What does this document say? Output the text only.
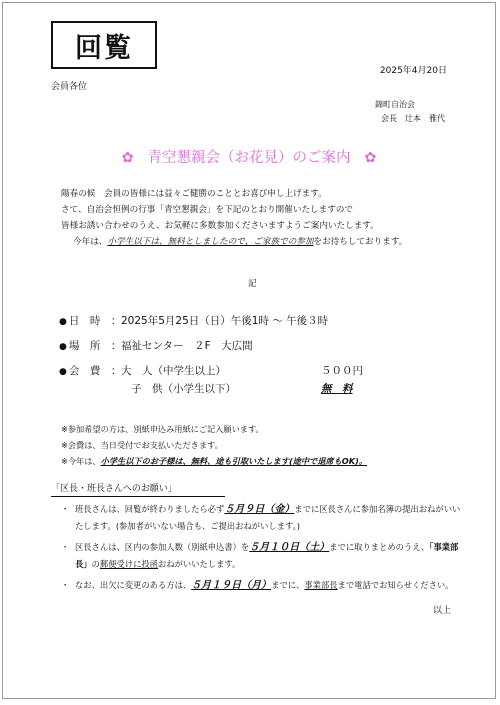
回覧
2025年4月20日
会員各位
錦町自治会
会長 辻本　雅代
✿ 青空懇親会（お花見）のご案内 ✿

陽春の候　会員の皆様には益々ご健勝のこととお喜び申し上げます。

さて、自治会恒例の行事「青空懇親会」を下記のとおり開催いたしますので

皆様お誘い合わせのうえ、お気軽に多数参加くださいますようご案内いたします。

今年は、小学生以下は、無料としましたので、ご家族での参加をお待ちしております。

記
● 日　時　：2025年5月25日（日）午後1時 ～ 午後３時
● 場　所　：福祉センター　２F　大広間
● 会　費　： 大　人（中学生以上）	５００円
子　供（小学生以下）	無　料
※参加希望の方は、別紙申込み用紙にご記入願います。
※会費は、当日受付でお支払いただきます。
※今年は、小学生以下のお子様は、無料、途も引取いたします(途中で退席もOK)。
「区長・班長さんへのお願い」
・ 班長さんは、回覧が終わりましたら必ず５月９日（金）までに区長さんに参加名簿の提出おねがいいたします。(参加者がいない場合も、ご提出おねがいします。)
・ 区長さんは、区内の参加人数（別紙申込書）を５月１０日（土）までに取りまとめのうえ、「事業部長」の郵便受けに投函おねがいいたします。
・ なお、出欠に変更のある方は、５月１９日（月）までに、事業部長まで電話でお知らせください。
以上
